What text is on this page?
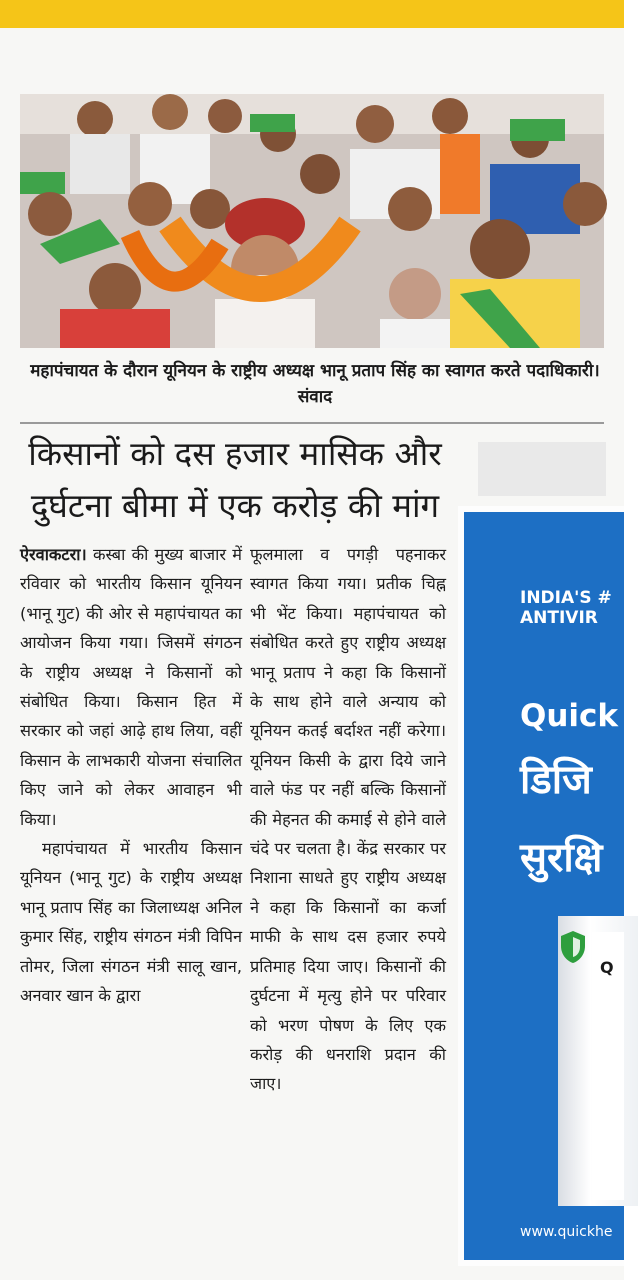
महापंचायत के दौरान यूनियन के राष्ट्रीय अध्यक्ष भानू प्रताप सिंह का स्वागत करते पदाधिकारी। संवाद
किसानों को दस हजार मासिक और
दुर्घटना बीमा में एक करोड़ की मांग

ऐरवाकटरा। कस्बा की मुख्य बाजार में रविवार को भारतीय किसान यूनियन (भानू गुट) की ओर से महापंचायत का आयोजन किया गया। जिसमें संगठन के राष्ट्रीय अध्यक्ष ने किसानों को संबोधित किया। किसान हित में सरकार को जहां आढ़े हाथ लिया, वहीं किसान के लाभकारी योजना संचालित किए जाने को लेकर आवाहन भी किया।

महापंचायत में भारतीय किसान यूनियन (भानू गुट) के राष्ट्रीय अध्यक्ष भानू प्रताप सिंह का जिलाध्यक्ष अनिल कुमार सिंह, राष्ट्रीय संगठन मंत्री विपिन तोमर, जिला संगठन मंत्री सालू खान, अनवार खान के द्वारा

फूलमाला व पगड़ी पहनाकर स्वागत किया गया। प्रतीक चिह्न भी भेंट किया। महापंचायत को संबोधित करते हुए राष्ट्रीय अध्यक्ष भानू प्रताप ने कहा कि किसानों के साथ होने वाले अन्याय को यूनियन कतई बर्दाश्त नहीं करेगा। यूनियन किसी के द्वारा दिये जाने वाले फंड पर नहीं बल्कि किसानों की मेहनत की कमाई से होने वाले चंदे पर चलता है। केंद्र सरकार पर निशाना साधते हुए राष्ट्रीय अध्यक्ष ने कहा कि किसानों का कर्जा माफी के साथ दस हजार रुपये प्रतिमाह दिया जाए। किसानों की दुर्घटना में मृत्यु होने पर परिवार को भरण पोषण के लिए एक करोड़ की धनराशि प्रदान की जाए।

INDIA'S #
ANTIVIR
Quick I
डिजि
सुरक्षि
Q
www.quickhe
